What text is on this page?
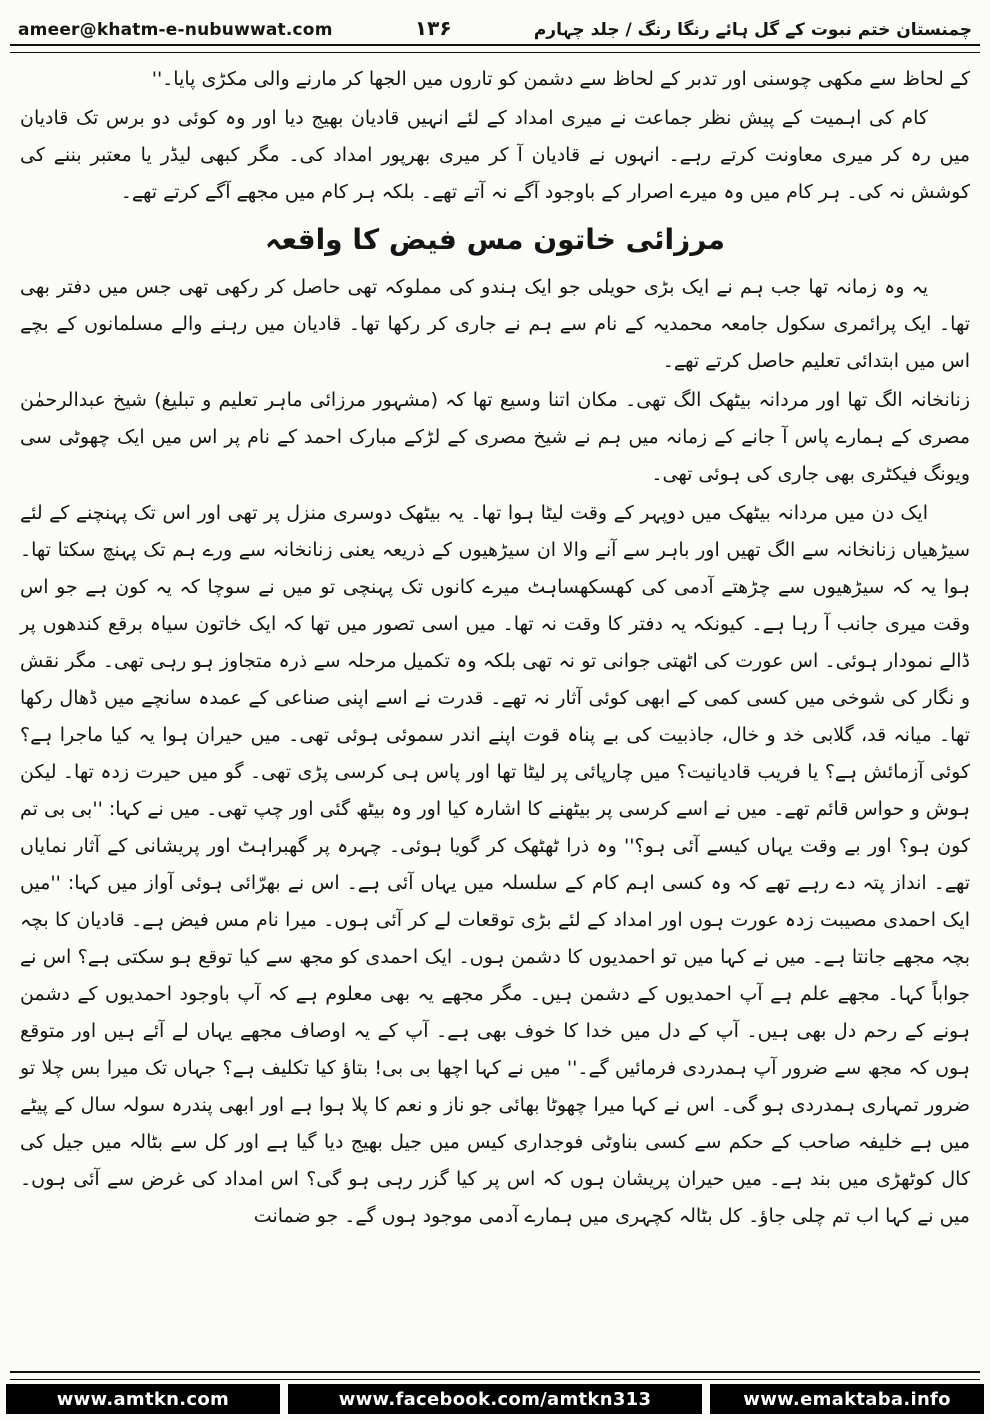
ameer@khatm-e-nubuwwat.com	۱۳۶	چمنستان ختم نبوت کے گل ہائے رنگا رنگ / جلد چہارم

کے لحاظ سے مکھی چوسنی اور تدبر کے لحاظ سے دشمن کو تاروں میں الجھا کر مارنے والی مکڑی پایا۔''

کام کی اہمیت کے پیش نظر جماعت نے میری امداد کے لئے انہیں قادیان بھیج دیا اور وہ کوئی دو برس تک قادیان میں رہ کر میری معاونت کرتے رہے۔ انہوں نے قادیان آ کر میری بھرپور امداد کی۔ مگر کبھی لیڈر یا معتبر بننے کی کوشش نہ کی۔ ہر کام میں وہ میرے اصرار کے باوجود آگے نہ آتے تھے۔ بلکہ ہر کام میں مجھے آگے کرتے تھے۔

مرزائی خاتون مس فیض کا واقعہ

یہ وہ زمانہ تھا جب ہم نے ایک بڑی حویلی جو ایک ہندو کی مملوکہ تھی حاصل کر رکھی تھی جس میں دفتر بھی تھا۔ ایک پرائمری سکول جامعہ محمدیہ کے نام سے ہم نے جاری کر رکھا تھا۔ قادیان میں رہنے والے مسلمانوں کے بچے اس میں ابتدائی تعلیم حاصل کرتے تھے۔

زنانخانہ الگ تھا اور مردانہ بیٹھک الگ تھی۔ مکان اتنا وسیع تھا کہ (مشہور مرزائی ماہر تعلیم و تبلیغ) شیخ عبدالرحمٰن مصری کے ہمارے پاس آ جانے کے زمانہ میں ہم نے شیخ مصری کے لڑکے مبارک احمد کے نام پر اس میں ایک چھوٹی سی ویونگ فیکٹری بھی جاری کی ہوئی تھی۔

ایک دن میں مردانہ بیٹھک میں دوپہر کے وقت لیٹا ہوا تھا۔ یہ بیٹھک دوسری منزل پر تھی اور اس تک پہنچنے کے لئے سیڑھیاں زنانخانہ سے الگ تھیں اور باہر سے آنے والا ان سیڑھیوں کے ذریعہ یعنی زنانخانہ سے ورے ہم تک پہنچ سکتا تھا۔ ہوا یہ کہ سیڑھیوں سے چڑھتے آدمی کی کھسکھساہٹ میرے کانوں تک پہنچی تو میں نے سوچا کہ یہ کون ہے جو اس وقت میری جانب آ رہا ہے۔ کیونکہ یہ دفتر کا وقت نہ تھا۔ میں اسی تصور میں تھا کہ ایک خاتون سیاہ برقع کندھوں پر ڈالے نمودار ہوئی۔ اس عورت کی اٹھتی جوانی تو نہ تھی بلکہ وہ تکمیل مرحلہ سے ذرہ متجاوز ہو رہی تھی۔ مگر نقش و نگار کی شوخی میں کسی کمی کے ابھی کوئی آثار نہ تھے۔ قدرت نے اسے اپنی صناعی کے عمدہ سانچے میں ڈھال رکھا تھا۔ میانہ قد، گلابی خد و خال، جاذبیت کی بے پناہ قوت اپنے اندر سموئی ہوئی تھی۔ میں حیران ہوا یہ کیا ماجرا ہے؟ کوئی آزمائش ہے؟ یا فریب قادیانیت؟ میں چارپائی پر لیٹا تھا اور پاس ہی کرسی پڑی تھی۔ گو میں حیرت زدہ تھا۔ لیکن ہوش و حواس قائم تھے۔ میں نے اسے کرسی پر بیٹھنے کا اشارہ کیا اور وہ بیٹھ گئی اور چپ تھی۔ میں نے کہا: ''بی بی تم کون ہو؟ اور بے وقت یہاں کیسے آئی ہو؟'' وہ ذرا ٹھٹھک کر گویا ہوئی۔ چہرہ پر گھبراہٹ اور پریشانی کے آثار نمایاں تھے۔ انداز پتہ دے رہے تھے کہ وہ کسی اہم کام کے سلسلہ میں یہاں آئی ہے۔ اس نے بھرّائی ہوئی آواز میں کہا: ''میں ایک احمدی مصیبت زدہ عورت ہوں اور امداد کے لئے بڑی توقعات لے کر آئی ہوں۔ میرا نام مس فیض ہے۔ قادیان کا بچہ بچہ مجھے جانتا ہے۔ میں نے کہا میں تو احمدیوں کا دشمن ہوں۔ ایک احمدی کو مجھ سے کیا توقع ہو سکتی ہے؟ اس نے جواباً کہا۔ مجھے علم ہے آپ احمدیوں کے دشمن ہیں۔ مگر مجھے یہ بھی معلوم ہے کہ آپ باوجود احمدیوں کے دشمن ہونے کے رحم دل بھی ہیں۔ آپ کے دل میں خدا کا خوف بھی ہے۔ آپ کے یہ اوصاف مجھے یہاں لے آئے ہیں اور متوقع ہوں کہ مجھ سے ضرور آپ ہمدردی فرمائیں گے۔'' میں نے کہا اچھا بی بی! بتاؤ کیا تکلیف ہے؟ جہاں تک میرا بس چلا تو ضرور تمہاری ہمدردی ہو گی۔ اس نے کہا میرا چھوٹا بھائی جو ناز و نعم کا پلا ہوا ہے اور ابھی پندرہ سولہ سال کے پیٹے میں ہے خلیفہ صاحب کے حکم سے کسی بناوٹی فوجداری کیس میں جیل بھیج دیا گیا ہے اور کل سے بٹالہ میں جیل کی کال کوٹھڑی میں بند ہے۔ میں حیران پریشان ہوں کہ اس پر کیا گزر رہی ہو گی؟ اس امداد کی غرض سے آئی ہوں۔ میں نے کہا اب تم چلی جاؤ۔ کل بٹالہ کچہری میں ہمارے آدمی موجود ہوں گے۔ جو ضمانت

www.amtkn.com	www.facebook.com/amtkn313	www.emaktaba.info
